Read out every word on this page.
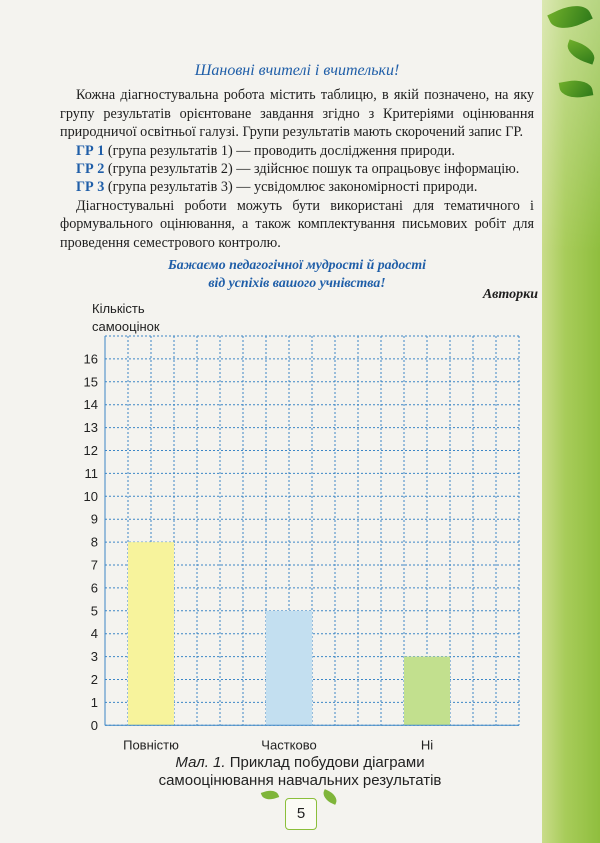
Шановні вчителі і вчительки!

Кожна діагностувальна робота містить таблицю, в якій позначено, на яку групу результатів орієнтоване завдання згідно з Критеріями оцінювання природничої освітньої галузі. Групи результатів мають скорочений запис ГР.

ГР 1 (група результатів 1) — проводить дослідження природи.

ГР 2 (група результатів 2) — здійснює пошук та опрацьовує інформацію.

ГР 3 (група результатів 3) — усвідомлює закономірності природи.

Діагностувальні роботи можуть бути використані для тематичного і формувального оцінювання, а також комплектування письмових робіт для проведення семестрового контролю.

Бажаємо педагогічної мудрості й радості
від успіхів вашого учнівства!
Авторки
Кількість
самооцінок
0
1
2
3
4
5
6
7
8
9
10
11
12
13
14
15
16
Повністю	Частково	Ні
Мал. 1. Приклад побудови діаграми
самооцінювання навчальних результатів
5
